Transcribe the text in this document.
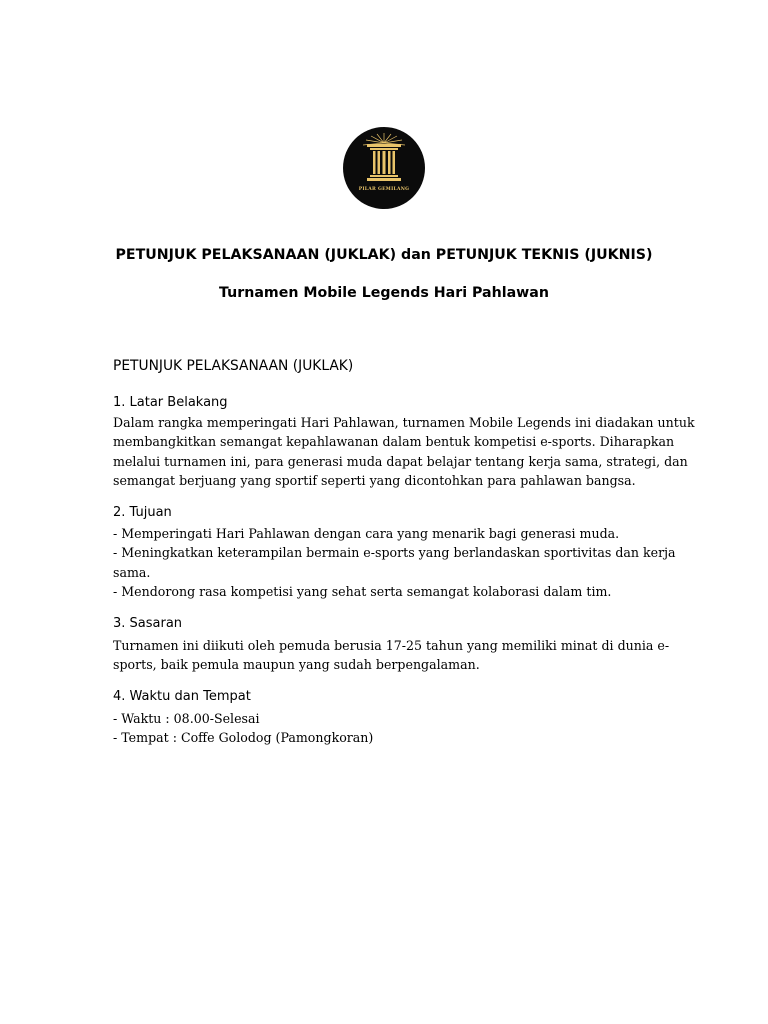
PILAR GEMILANG
PETUNJUK PELAKSANAAN (JUKLAK) dan PETUNJUK TEKNIS (JUKNIS)
Turnamen Mobile Legends Hari Pahlawan
PETUNJUK PELAKSANAAN (JUKLAK)
1. Latar Belakang
Dalam rangka memperingati Hari Pahlawan, turnamen Mobile Legends ini diadakan untuk
membangkitkan semangat kepahlawanan dalam bentuk kompetisi e-sports. Diharapkan
melalui turnamen ini, para generasi muda dapat belajar tentang kerja sama, strategi, dan
semangat berjuang yang sportif seperti yang dicontohkan para pahlawan bangsa.
2. Tujuan
- Memperingati Hari Pahlawan dengan cara yang menarik bagi generasi muda.
- Meningkatkan keterampilan bermain e-sports yang berlandaskan sportivitas dan kerja
sama.
- Mendorong rasa kompetisi yang sehat serta semangat kolaborasi dalam tim.
3. Sasaran
Turnamen ini diikuti oleh pemuda berusia 17-25 tahun yang memiliki minat di dunia e-
sports, baik pemula maupun yang sudah berpengalaman.
4. Waktu dan Tempat
- Waktu : 08.00-Selesai
- Tempat : Coffe Golodog (Pamongkoran)
